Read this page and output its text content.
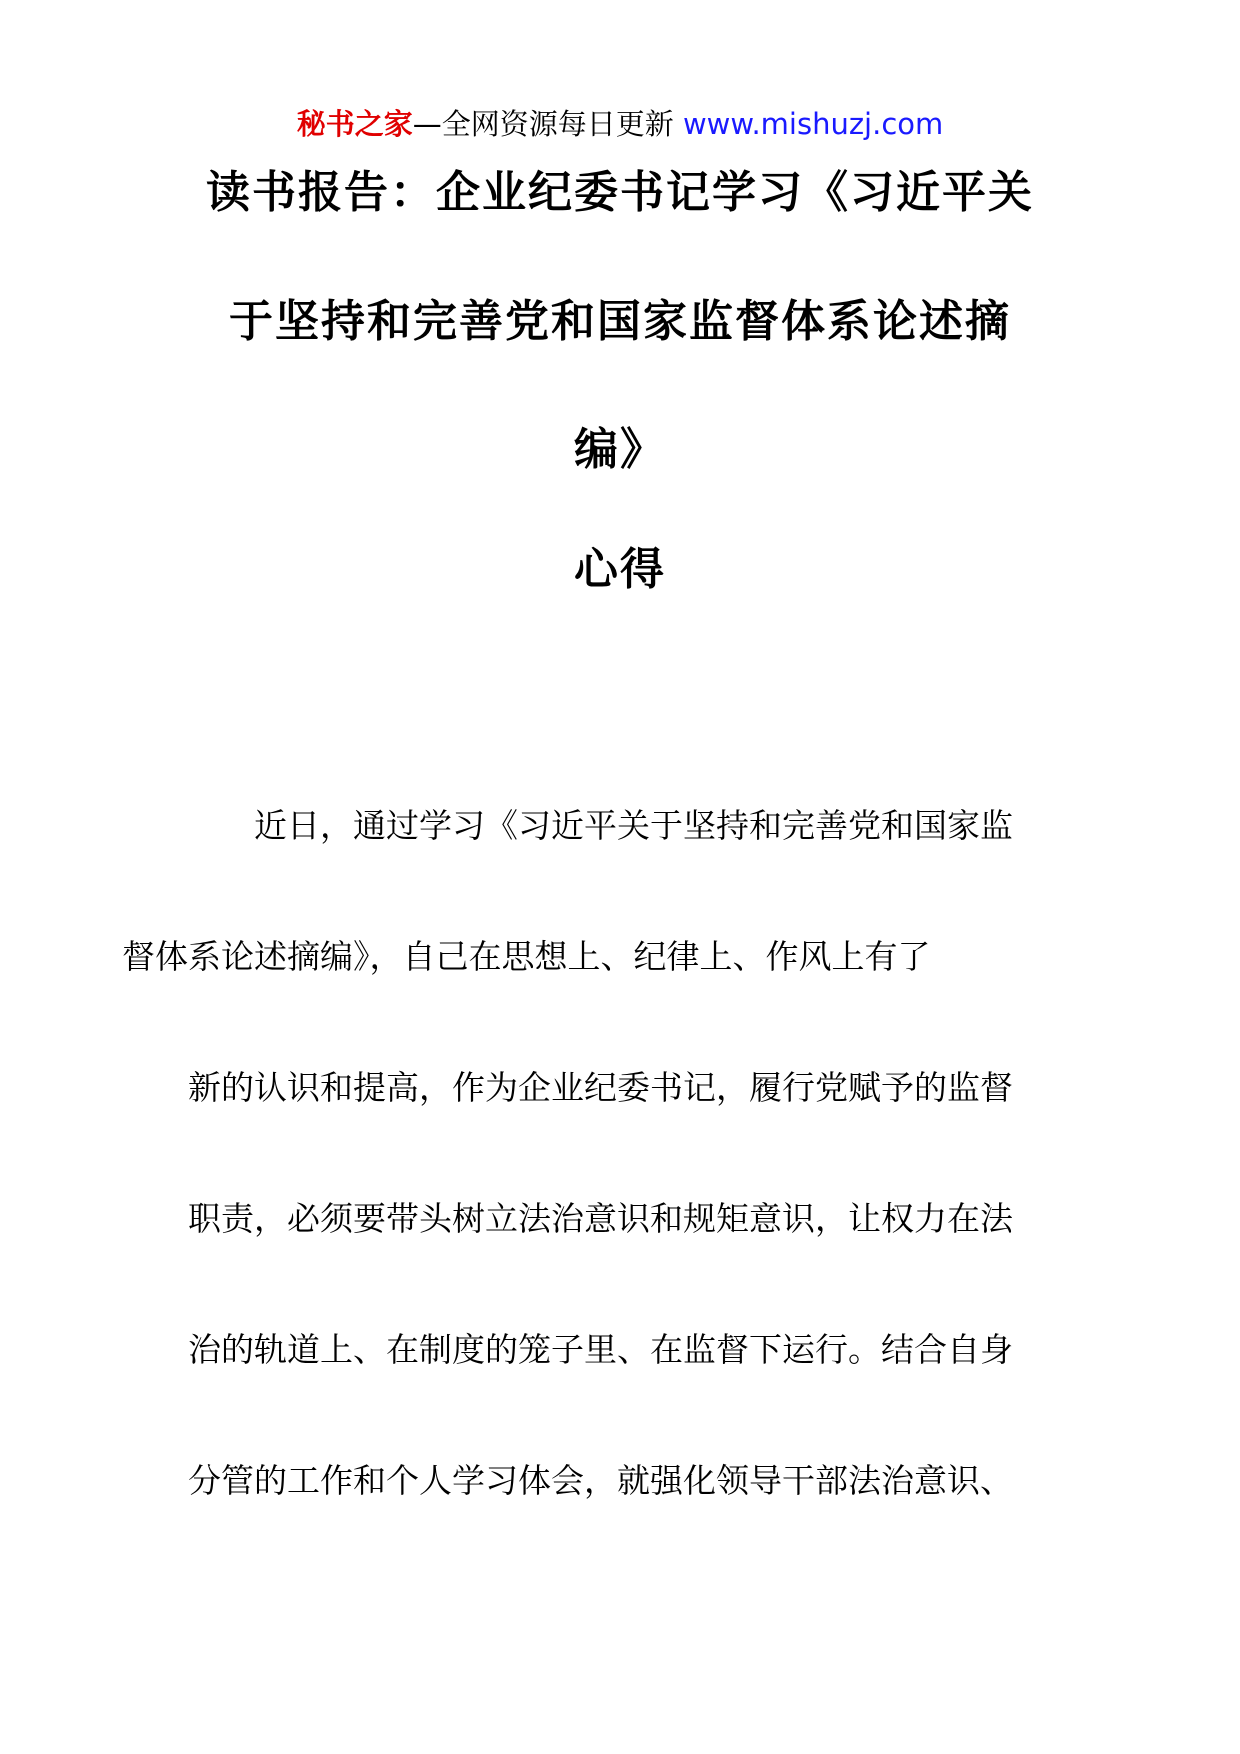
秘书之家—全网资源每日更新 www.mishuzj.com
读书报告：企业纪委书记学习《习近平关
于坚持和完善党和国家监督体系论述摘
编》
心得
近日，通过学习《习近平关于坚持和完善党和国家监
督体系论述摘编》，自己在思想上、纪律上、作风上有了
新的认识和提高，作为企业纪委书记，履行党赋予的监督
职责，必须要带头树立法治意识和规矩意识，让权力在法
治的轨道上、在制度的笼子里、在监督下运行。结合自身
分管的工作和个人学习体会，就强化领导干部法治意识、
